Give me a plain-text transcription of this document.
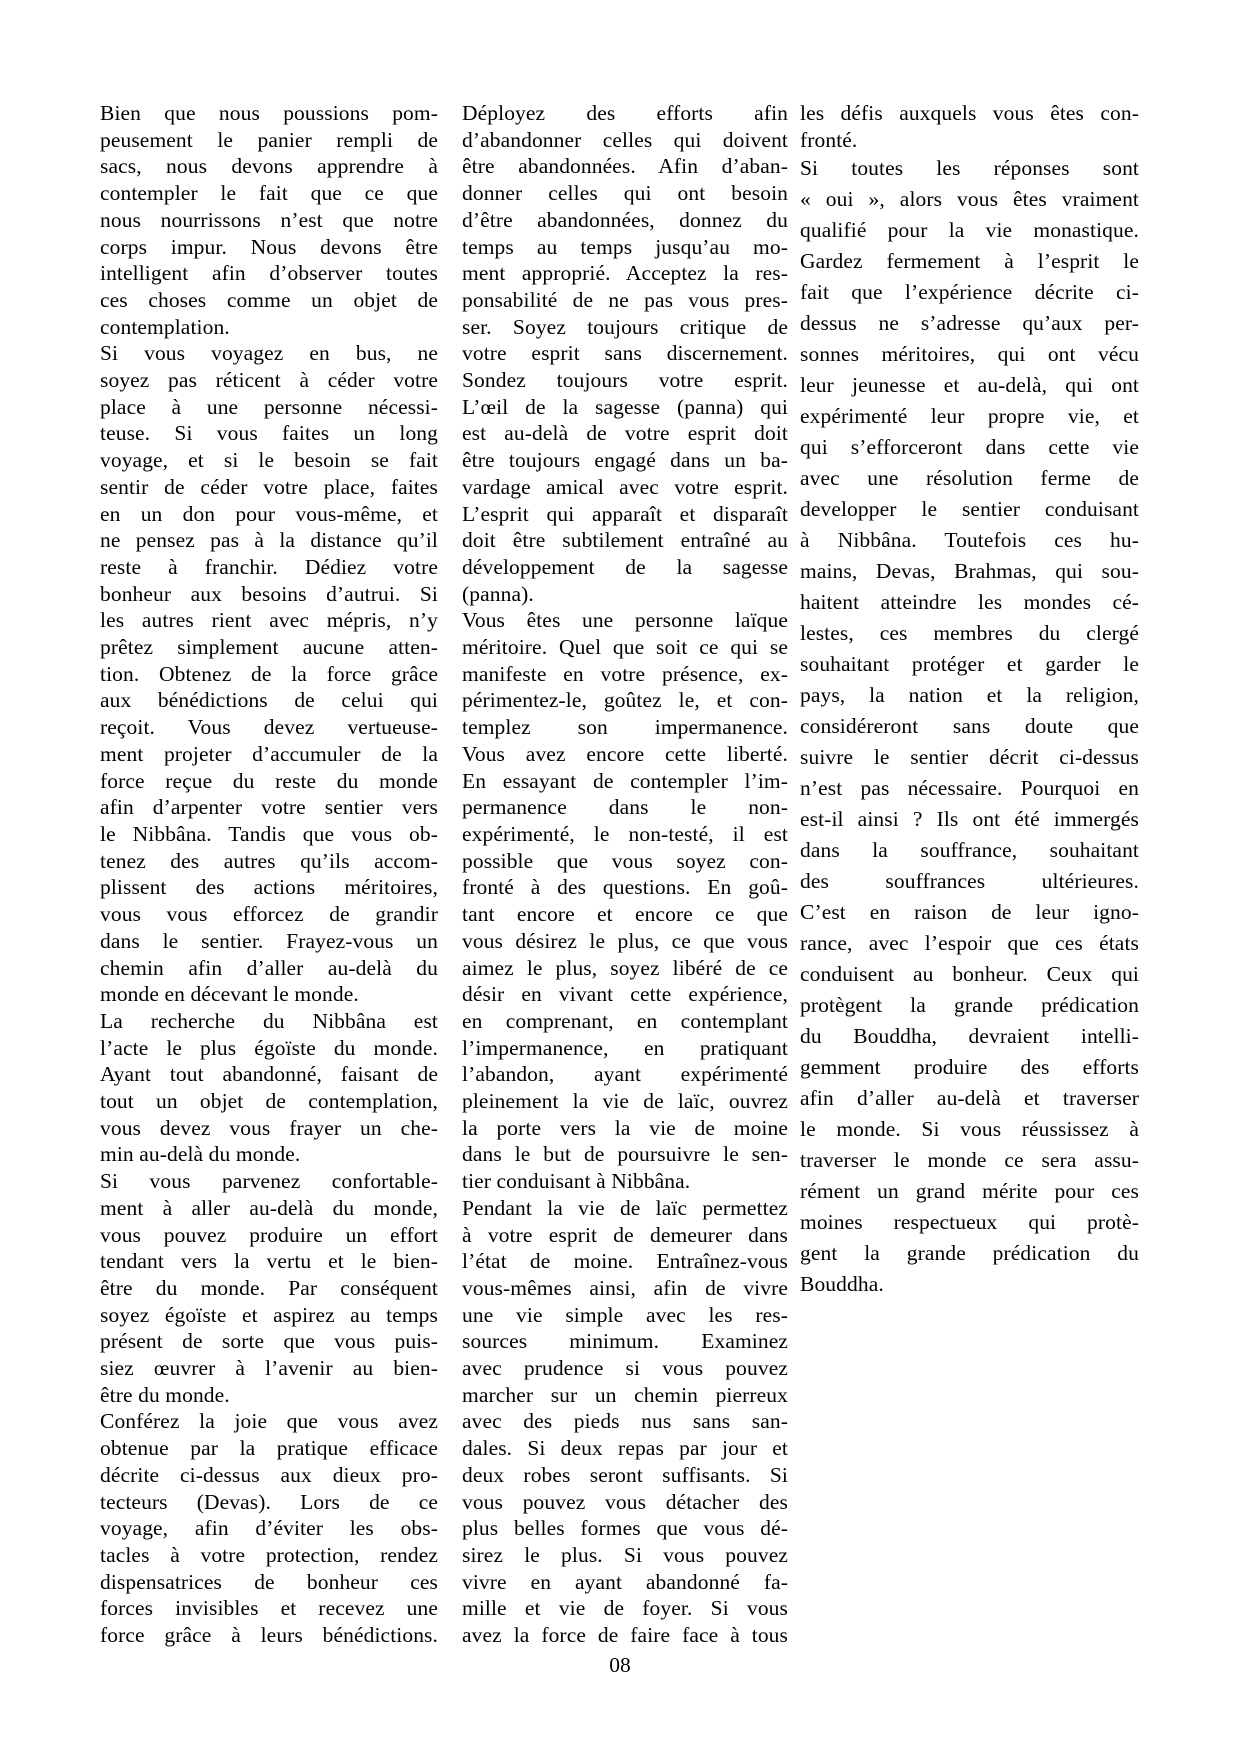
Bien que nous poussions pom-
peusement le panier rempli de
sacs, nous devons apprendre à
contempler le fait que ce que
nous nourrissons n’est que notre
corps impur. Nous devons être
intelligent afin d’observer toutes
ces choses comme un objet de
contemplation.
Si vous voyagez en bus, ne
soyez pas réticent à céder votre
place à une personne nécessi-
teuse. Si vous faites un long
voyage, et si le besoin se fait
sentir de céder votre place, faites
en un don pour vous-même, et
ne pensez pas à la distance qu’il
reste à franchir. Dédiez votre
bonheur aux besoins d’autrui. Si
les autres rient avec mépris, n’y
prêtez simplement aucune atten-
tion. Obtenez de la force grâce
aux bénédictions de celui qui
reçoit. Vous devez vertueuse-
ment projeter d’accumuler de la
force reçue du reste du monde
afin d’arpenter votre sentier vers
le Nibbâna. Tandis que vous ob-
tenez des autres qu’ils accom-
plissent des actions méritoires,
vous vous efforcez de grandir
dans le sentier. Frayez-vous un
chemin afin d’aller au-delà du
monde en décevant le monde.
La recherche du Nibbâna est
l’acte le plus égoïste du monde.
Ayant tout abandonné, faisant de
tout un objet de contemplation,
vous devez vous frayer un che-
min au-delà du monde.
Si vous parvenez confortable-
ment à aller au-delà du monde,
vous pouvez produire un effort
tendant vers la vertu et le bien-
être du monde. Par conséquent
soyez égoïste et aspirez au temps
présent de sorte que vous puis-
siez œuvrer à l’avenir au bien-
être du monde.
Conférez la joie que vous avez
obtenue par la pratique efficace
décrite ci-dessus aux dieux pro-
tecteurs (Devas). Lors de ce
voyage, afin d’éviter les obs-
tacles à votre protection, rendez
dispensatrices de bonheur ces
forces invisibles et recevez une
force grâce à leurs bénédictions.
Déployez des efforts afin
d’abandonner celles qui doivent
être abandonnées. Afin d’aban-
donner celles qui ont besoin
d’être abandonnées, donnez du
temps au temps jusqu’au mo-
ment approprié. Acceptez la res-
ponsabilité de ne pas vous pres-
ser. Soyez toujours critique de
votre esprit sans discernement.
Sondez toujours votre esprit.
L’œil de la sagesse (panna) qui
est au-delà de votre esprit doit
être toujours engagé dans un ba-
vardage amical avec votre esprit.
L’esprit qui apparaît et disparaît
doit être subtilement entraîné au
développement de la sagesse
(panna).
Vous êtes une personne laïque
méritoire. Quel que soit ce qui se
manifeste en votre présence, ex-
périmentez-le, goûtez le, et con-
templez son impermanence.
Vous avez encore cette liberté.
En essayant de contempler l’im-
permanence dans le non-
expérimenté, le non-testé, il est
possible que vous soyez con-
fronté à des questions. En goû-
tant encore et encore ce que
vous désirez le plus, ce que vous
aimez le plus, soyez libéré de ce
désir en vivant cette expérience,
en comprenant, en contemplant
l’impermanence, en pratiquant
l’abandon, ayant expérimenté
pleinement la vie de laïc, ouvrez
la porte vers la vie de moine
dans le but de poursuivre le sen-
tier conduisant à Nibbâna.
Pendant la vie de laïc permettez
à votre esprit de demeurer dans
l’état de moine. Entraînez-vous
vous-mêmes ainsi, afin de vivre
une vie simple avec les res-
sources minimum. Examinez
avec prudence si vous pouvez
marcher sur un chemin pierreux
avec des pieds nus sans san-
dales. Si deux repas par jour et
deux robes seront suffisants. Si
vous pouvez vous détacher des
plus belles formes que vous dé-
sirez le plus. Si vous pouvez
vivre en ayant abandonné fa-
mille et vie de foyer. Si vous
avez la force de faire face à tous
les défis auxquels vous êtes con-
fronté.
Si toutes les réponses sont
« oui », alors vous êtes vraiment
qualifié pour la vie monastique.
Gardez fermement à l’esprit le
fait que l’expérience décrite ci-
dessus ne s’adresse qu’aux per-
sonnes méritoires, qui ont vécu
leur jeunesse et au-delà, qui ont
expérimenté leur propre vie, et
qui s’efforceront dans cette vie
avec une résolution ferme de
developper le sentier conduisant
à Nibbâna. Toutefois ces hu-
mains, Devas, Brahmas, qui sou-
haitent atteindre les mondes cé-
lestes, ces membres du clergé
souhaitant protéger et garder le
pays, la nation et la religion,
considéreront sans doute que
suivre le sentier décrit ci-dessus
n’est pas nécessaire. Pourquoi en
est-il ainsi ? Ils ont été immergés
dans la souffrance, souhaitant
des souffrances ultérieures.
C’est en raison de leur igno-
rance, avec l’espoir que ces états
conduisent au bonheur. Ceux qui
protègent la grande prédication
du Bouddha, devraient intelli-
gemment produire des efforts
afin d’aller au-delà et traverser
le monde. Si vous réussissez à
traverser le monde ce sera assu-
rément un grand mérite pour ces
moines respectueux qui protè-
gent la grande prédication du
Bouddha.
08
